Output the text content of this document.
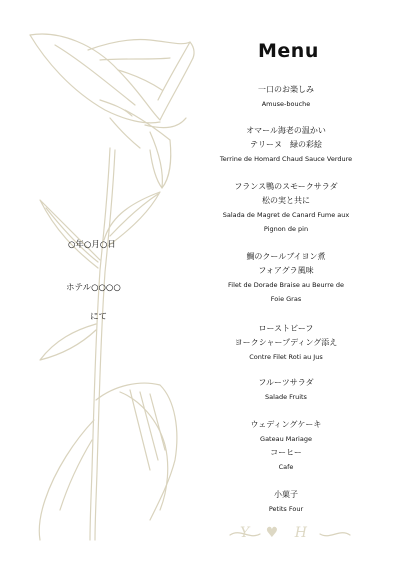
Menu
一口のお楽しみ
Amuse-bouche
オマール海老の温かい
テリーヌ　緑の彩絵
Terrine de Homard Chaud Sauce Verdure
フランス鴨のスモークサラダ
松の実と共に
Salada de Magret de Canard Fume aux
Pignon de pin
鯛のクールブイヨン煮
フォアグラ風味
Filet de Dorade Braise au Beurre de
Foie Gras
ローストビーフ
ヨークシャープディング添え
Contre Filet Roti au Jus
フルーツサラダ
Salade Fruits
ウェディングケーキ
Gateau Mariage
コーヒー
Cafe
小菓子
Petits Four
○年○月○日
ホテル○○○○
にて
Y ♥ H
